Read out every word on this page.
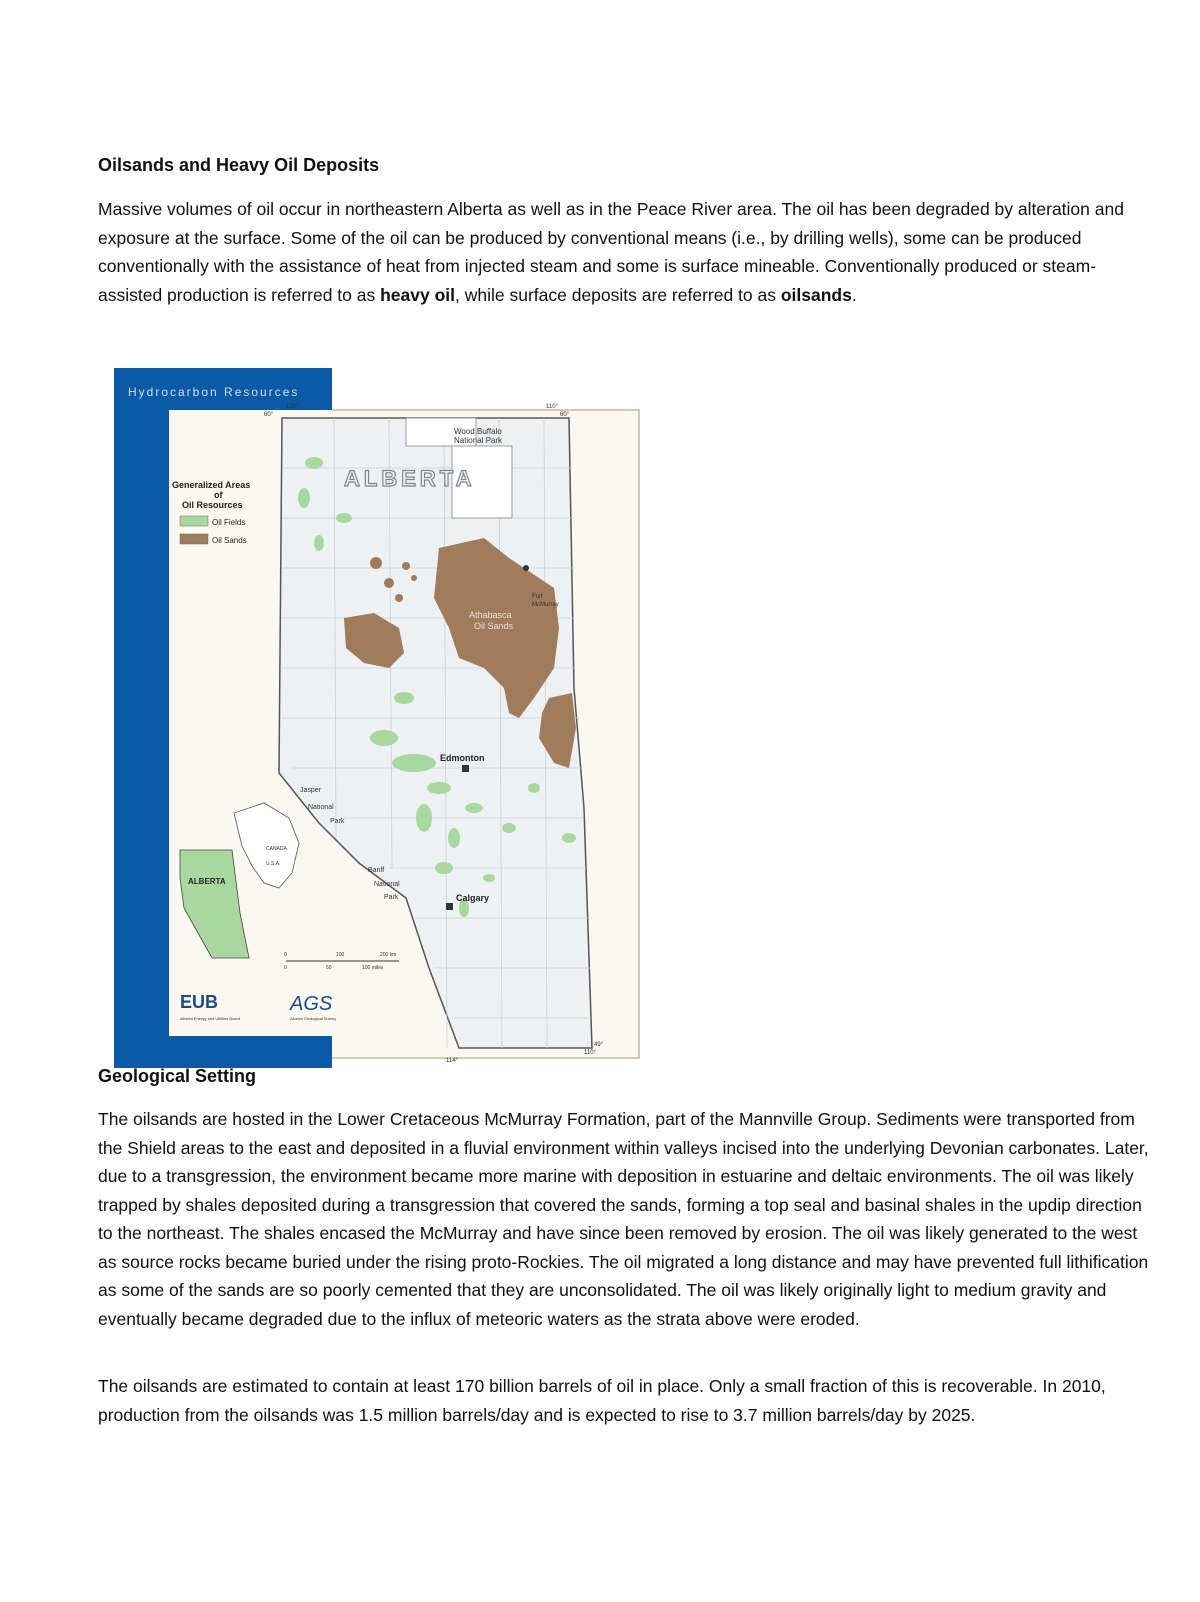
Oilsands and Heavy Oil Deposits

Massive volumes of oil occur in northeastern Alberta as well as in the Peace River area. The oil has been degraded by alteration and exposure at the surface. Some of the oil can be produced by conventional means (i.e., by drilling wells), some can be produced conventionally with the assistance of heat from injected steam and some is surface mineable. Conventionally produced or steam-assisted production is referred to as heavy oil, while surface deposits are referred to as oilsands.

Hydrocarbon Resources
Wood Buffalo
National Park
ALBERTA
Athabasca
Oil Sands
Fort
McMurray
Edmonton
Calgary
Jasper
National
Park
Banff
National
Park
120°
60°
110°
60°
114°
110°
49°
Generalized Areas
of
Oil Resources
Oil Fields
Oil Sands
ALBERTA
CANADA
U.S.A.
0	100	200 km
0	50	100 miles
EUB
Alberta Energy and Utilities Board
AGS
Alberta Geological Survey
Geological Setting

The oilsands are hosted in the Lower Cretaceous McMurray Formation, part of the Mannville Group. Sediments were transported from the Shield areas to the east and deposited in a fluvial environment within valleys incised into the underlying Devonian carbonates. Later, due to a transgression, the environment became more marine with deposition in estuarine and deltaic environments. The oil was likely trapped by shales deposited during a transgression that covered the sands, forming a top seal and basinal shales in the updip direction to the northeast. The shales encased the McMurray and have since been removed by erosion. The oil was likely generated to the west as source rocks became buried under the rising proto-Rockies. The oil migrated a long distance and may have prevented full lithification as some of the sands are so poorly cemented that they are unconsolidated. The oil was likely originally light to medium gravity and eventually became degraded due to the influx of meteoric waters as the strata above were eroded.

The oilsands are estimated to contain at least 170 billion barrels of oil in place. Only a small fraction of this is recoverable. In 2010, production from the oilsands was 1.5 million barrels/day and is expected to rise to 3.7 million barrels/day by 2025.
